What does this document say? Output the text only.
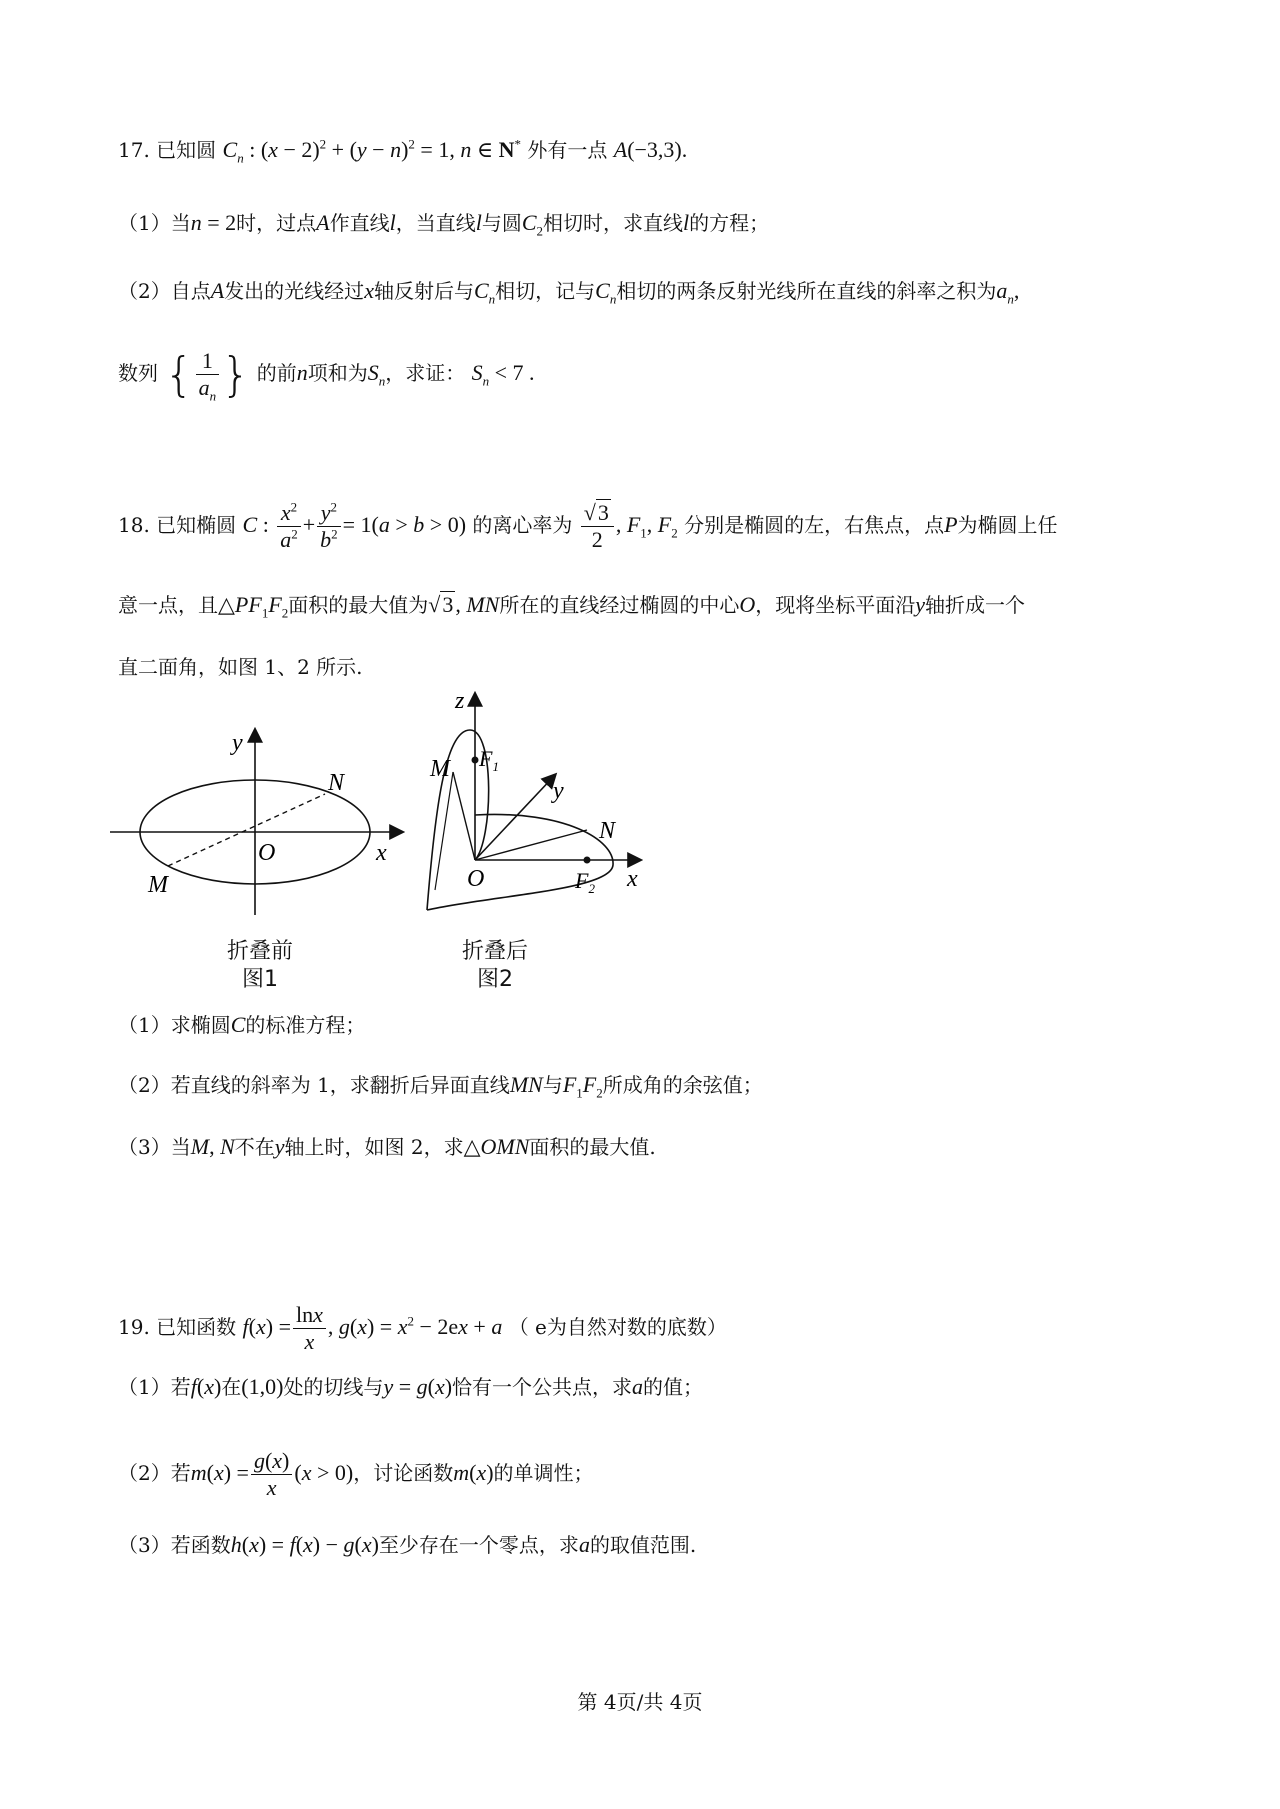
17. 已知圆 $C_n$ : $(x - 2)^2 + (y - n)^2 = 1$, n ∈ N* 外有一点 A(−3,3).
（1）当n = 2时，过点A作直线l，当直线l与圆$C_2$相切时，求直线l的方程；
（2）自点A发出的光线经过x轴反射后与$C_n$相切，记与$C_n$相切的两条反射光线所在直线的斜率之积为$a_n$,
数列 { $\frac{1}{a_n}$ } 的前n项和为$S_n$，求证： $S_n < 7$ .
18. 已知椭圆 C : $\frac{x^2}{a^2} + \frac{y^2}{b^2} = 1(a > b > 0)$ 的离心率为 $\frac{√3}{2}$ , $F_1$, $F_2$ 分别是椭圆的左，右焦点，点P为椭圆上任
意一点，且$\triangle PF_1F_2$面积的最大值为√3, MN所在的直线经过椭圆的中心O，现将坐标平面沿y轴折成一个
直二面角，如图 1、2 所示.
y
N
O	x
M
折叠前
图1
z
M $F_1$
y
N
O	$F_2$ x
折叠后
图2
（1）求椭圆C的标准方程；
（2）若直线的斜率为 1，求翻折后异面直线MN与$F_1F_2$所成角的余弦值；
（3）当M, N不在y轴上时，如图 2，求△OMN面积的最大值.
19. 已知函数 $f(x) = \frac{\ln x}{x}$ , $g(x) = x^2 - 2ex + a$ （ e为自然对数的底数）
（1）若f(x)在(1,0)处的切线与y = g(x)恰有一个公共点，求a的值；
（2）若$m(x) = \frac{g(x)}{x} (x > 0)$，讨论函数m(x)的单调性；
（3）若函数h(x) = f(x) − g(x)至少存在一个零点，求a的取值范围.
第 4页/共 4页
